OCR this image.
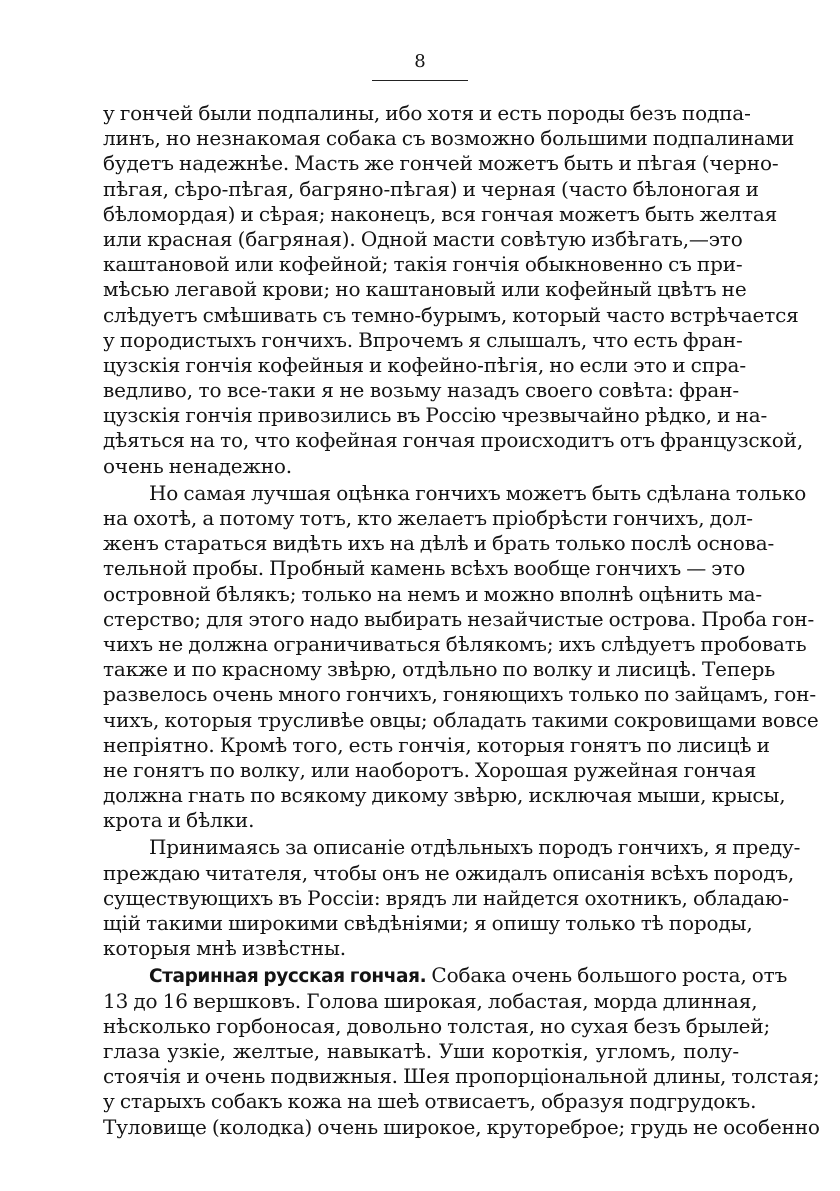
8
у гончей были подпалины, ибо хотя и есть породы безъ подпа-
линъ, но незнакомая собака съ возможно большими подпалинами
будетъ надежнѣе. Масть же гончей можетъ быть и пѣгая (черно-
пѣгая, сѣро-пѣгая, багряно-пѣгая) и черная (часто бѣлоногая и
бѣломордая) и сѣрая; наконецъ, вся гончая можетъ быть желтая
или красная (багряная). Одной масти совѣтую избѣгать,—это
каштановой или кофейной; такія гончія обыкновенно съ при-
мѣсью легавой крови; но каштановый или кофейный цвѣтъ не
слѣдуетъ смѣшивать съ темно-бурымъ, который часто встрѣчается
у породистыхъ гончихъ. Впрочемъ я слышалъ, что есть фран-
цузскія гончія кофейныя и кофейно-пѣгія, но если это и спра-
ведливо, то все-таки я не возьму назадъ своего совѣта: фран-
цузскія гончія привозились въ Россію чрезвычайно рѣдко, и на-
дѣяться на то, что кофейная гончая происходитъ отъ французской,
очень ненадежно.
Но самая лучшая оцѣнка гончихъ можетъ быть сдѣлана только
на охотѣ, а потому тотъ, кто желаетъ пріобрѣсти гончихъ, дол-
женъ стараться видѣть ихъ на дѣлѣ и брать только послѣ основа-
тельной пробы. Пробный камень всѣхъ вообще гончихъ — это
островной бѣлякъ; только на немъ и можно вполнѣ оцѣнить ма-
стерство; для этого надо выбирать незайчистые острова. Проба гон-
чихъ не должна ограничиваться бѣлякомъ; ихъ слѣдуетъ пробовать
также и по красному звѣрю, отдѣльно по волку и лисицѣ. Теперь
развелось очень много гончихъ, гоняющихъ только по зайцамъ, гон-
чихъ, которыя трусливѣе овцы; обладать такими сокровищами вовсе
непріятно. Кромѣ того, есть гончія, которыя гонятъ по лисицѣ и
не гонятъ по волку, или наоборотъ. Хорошая ружейная гончая
должна гнать по всякому дикому звѣрю, исключая мыши, крысы,
крота и бѣлки.
Принимаясь за описаніе отдѣльныхъ породъ гончихъ, я преду-
преждаю читателя, чтобы онъ не ожидалъ описанія всѣхъ породъ,
существующихъ въ Россіи: врядъ ли найдется охотникъ, обладаю-
щій такими широкими свѣдѣніями; я опишу только тѣ породы,
которыя мнѣ извѣстны.
Старинная русская гончая. Собака очень большого роста, отъ
13 до 16 вершковъ. Голова широкая, лобастая, морда длинная,
нѣсколько горбоносая, довольно толстая, но сухая безъ брылей;
глаза узкіе, желтые, навыкатѣ. Уши короткія, угломъ, полу-
стоячія и очень подвижныя. Шея пропорціональной длины, толстая;
у старыхъ собакъ кожа на шеѣ отвисаетъ, образуя подгрудокъ.
Туловище (колодка) очень широкое, крутореброе; грудь не особенно
